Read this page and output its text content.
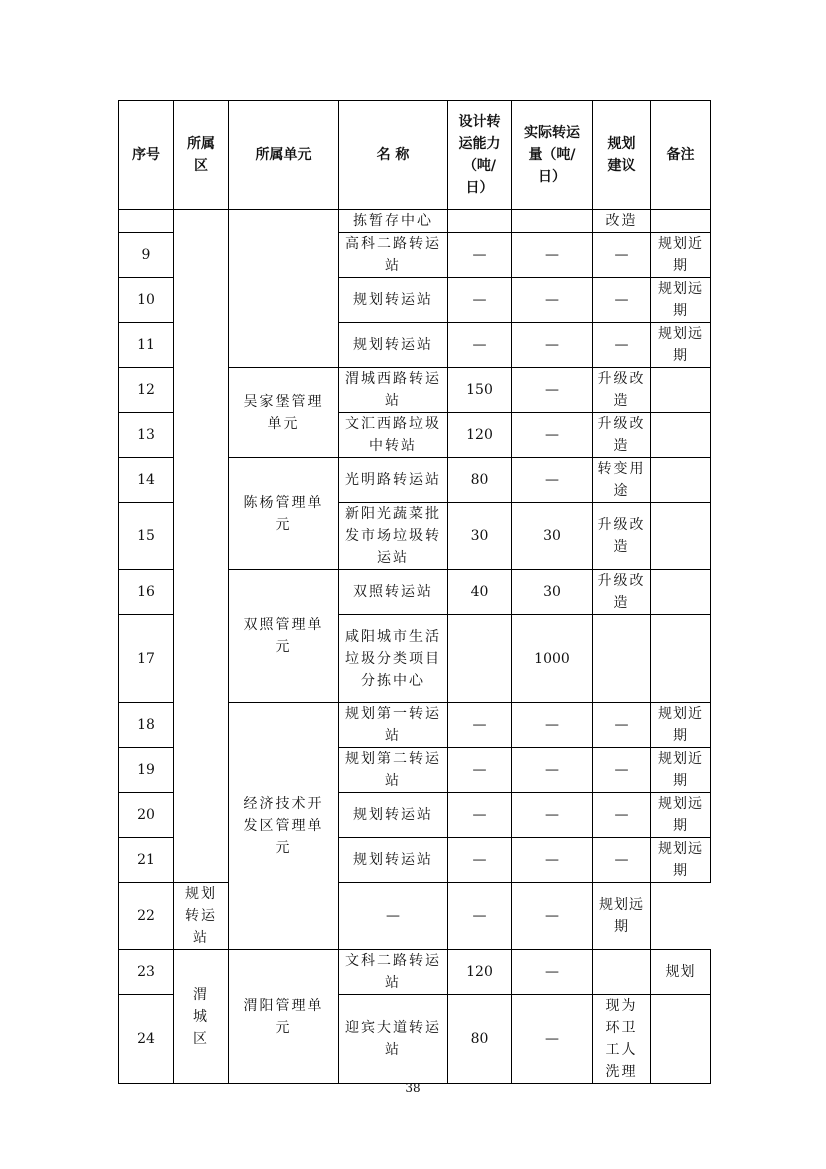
序号	所属区	所属单元	名 称	设计转运能力（吨/日）	实际转运量（吨/日）	规划建议	备注
			拣暂存中心			改造	
9			高科二路转运站	—	—	—	规划近期
10			规划转运站	—	—	—	规划远期
11			规划转运站	—	—	—	规划远期
12		吴家堡管理单元	渭城西路转运站	150	—	升级改造	
13			文汇西路垃圾中转站	120	—	升级改造	
14		陈杨管理单元	光明路转运站	80	—	转变用途	
15			新阳光蔬菜批发市场垃圾转运站	30	30	升级改造	
16		双照管理单元	双照转运站	40	30	升级改造	
17			咸阳城市生活垃圾分类项目分拣中心		1000		
18		经济技术开发区管理单元	规划第一转运站	—	—	—	规划近期
19			规划第二转运站	—	—	—	规划近期
20			规划转运站	—	—	—	规划远期
21			规划转运站	—	—	—	规划远期
22	规划转运站		—	—	—	规划远期	
23	渭城区	渭阳管理单元	文科二路转运站	120	—		规划
24			迎宾大道转运站	80	—	现为环卫工人洗理	
38
